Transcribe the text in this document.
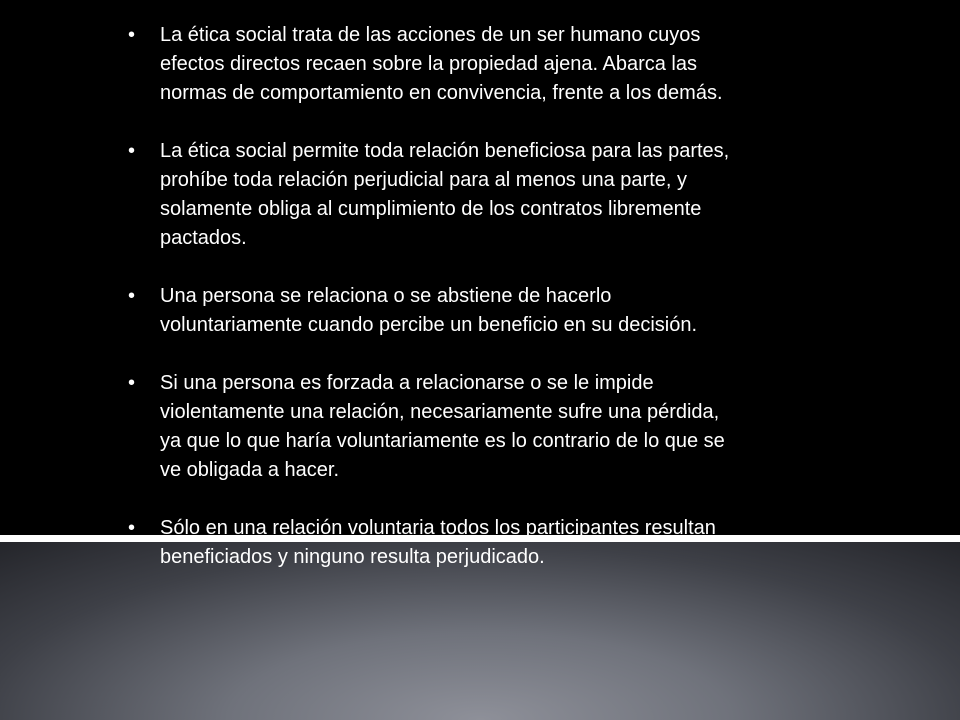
•	La ética social trata de las acciones de un ser humano cuyos
efectos directos recaen sobre la propiedad ajena. Abarca las
normas de comportamiento en convivencia, frente a los demás.
•	La ética social permite toda relación beneficiosa para las partes,
prohíbe toda relación perjudicial para al menos una parte, y
solamente obliga al cumplimiento de los contratos libremente
pactados.
•	Una persona se relaciona o se abstiene de hacerlo
voluntariamente cuando percibe un beneficio en su decisión.
•	Si una persona es forzada a relacionarse o se le impide
violentamente una relación, necesariamente sufre una pérdida,
ya que lo que haría voluntariamente es lo contrario de lo que se
ve obligada a hacer.
•	Sólo en una relación voluntaria todos los participantes resultan
beneficiados y ninguno resulta perjudicado.
